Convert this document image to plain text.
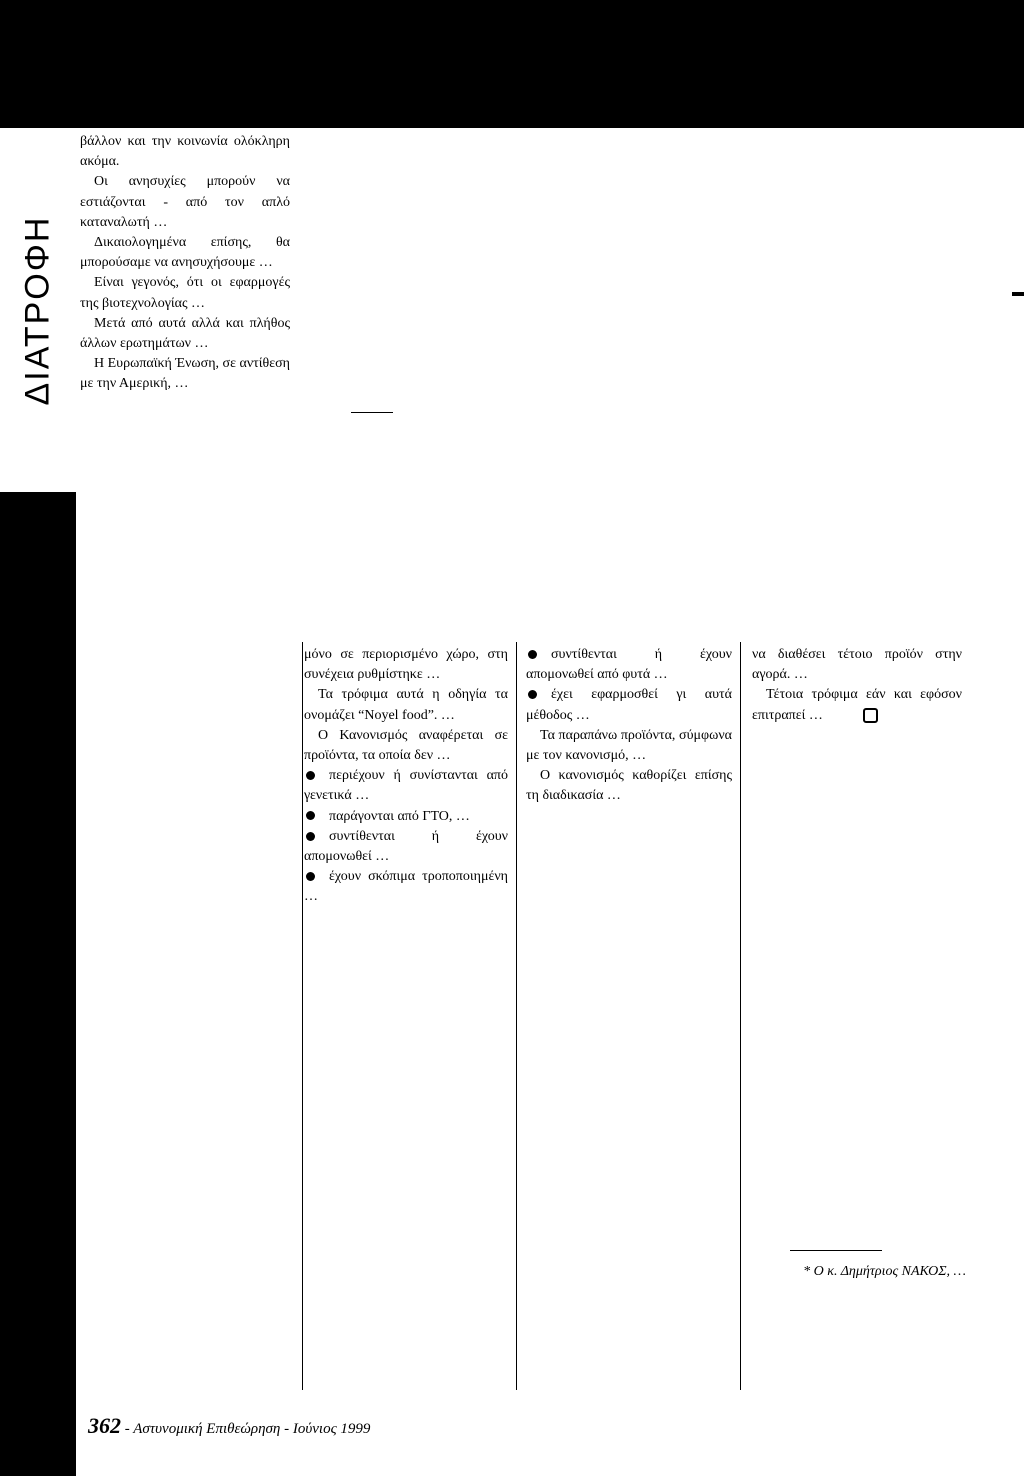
ΔΙΑΤΡΟΦΗ

βάλλον και την κοινωνία ολόκληρη ακόμα.

Οι ανησυχίες μπορούν να εστιάζονται - από τον απλό καταναλωτή …

Δικαιολογημένα επίσης, θα μπορούσαμε να ανησυχήσουμε …

Είναι γεγονός, ότι οι εφαρμογές της βιοτεχνολογίας …

Μετά από αυτά αλλά και πλήθος άλλων ερωτημάτων …

Η Ευρωπαϊκή Ένωση, σε αντίθεση με την Αμερική, …

μόνο σε περιορισμένο χώρο, στη συνέχεια ρυθμίστηκε …

Τα τρόφιμα αυτά η οδηγία τα ονομάζει “Noyel food”. …

Ο Κανονισμός αναφέρεται σε προϊόντα, τα οποία δεν …

περιέχουν ή συνίστανται από γενετικά …

παράγονται από ΓΤΟ, …

συντίθενται ή έχουν απομονωθεί …

έχουν σκόπιμα τροποποιημένη …

συντίθενται ή έχουν απομονωθεί από φυτά …

έχει εφαρμοσθεί γι αυτά μέθοδος …

Τα παραπάνω προϊόντα, σύμφωνα με τον κανονισμό, …

Ο κανονισμός καθορίζει επίσης τη διαδικασία …

να διαθέσει τέτοιο προϊόν στην αγορά. …

Τέτοια τρόφιμα εάν και εφόσον επιτραπεί …

* Ο κ. Δημήτριος ΝΑΚΟΣ, …
362 - Αστυνομική Επιθεώρηση - Ιούνιος 1999
